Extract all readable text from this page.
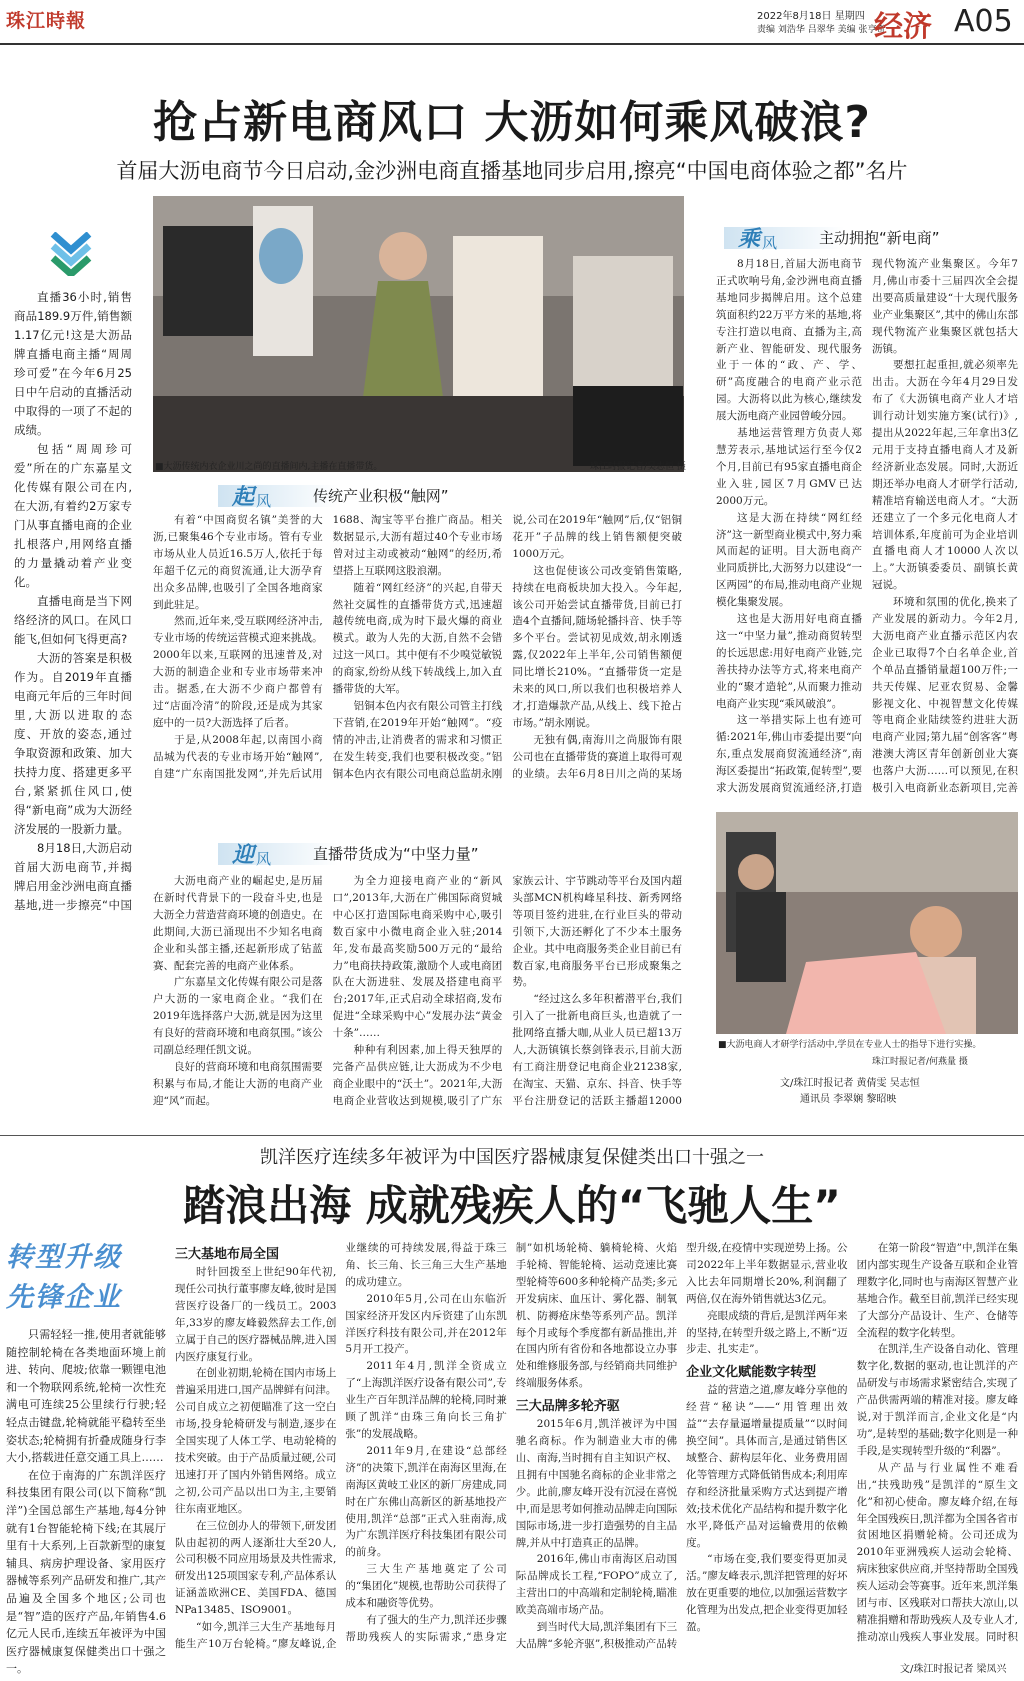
珠江時報	2022年8月18日 星期四
责编 刘浩华 吕翠华 美编 张亨奇
经济 A05
抢占新电商风口 大沥如何乘风破浪?
首届大沥电商节今日启动,金沙洲电商直播基地同步启用,擦亮“中国电商体验之都”名片

直播36小时,销售商品189.9万件,销售额1.17亿元!这是大沥品牌直播电商主播“周周珍可爱”在今年6月25日中午启动的直播活动中取得的一项了不起的成绩。

包括“周周珍可爱”所在的广东嘉星文化传媒有限公司在内,在大沥,有着约2万家专门从事直播电商的企业扎根落户,用网络直播的力量撬动着产业变化。

直播电商是当下网络经济的风口。在风口能飞,但如何飞得更高?

大沥的答案是积极作为。自2019年直播电商元年后的三年时间里,大沥以进取的态度、开放的姿态,通过争取资源和政策、加大扶持力度、搭建更多平台,紧紧抓住风口,使得“新电商”成为大沥经济发展的一股新力量。

8月18日,大沥启动首届大沥电商节,并揭牌启用金沙洲电商直播基地,进一步擦亮“中国

■大沥传统内衣企业川之尚的直播间内,主播在直播带货。	珠江时报记者/吴志恒 摄
起 风	传统产业积极“触网”

有着“中国商贸名镇”美誉的大沥,已聚集46个专业市场。管有专业市场从业人员近16.5万人,依托于每年超千亿元的商贸流通,让大沥孕育出众多品牌,也吸引了全国各地商家到此驻足。

然而,近年来,受互联网经济冲击,专业市场的传统运营模式迎来挑战。2000年以来,互联网的迅速普及,对大沥的制造企业和专业市场带来冲击。据悉,在大沥不少商户都曾有过“店面冷清”的阶段,还是成为其家庭中的一员?大沥选择了后者。

于是,从2008年起,以南国小商品城为代表的专业市场开始“触网”,自建“广东南国批发网”,并先后试用1688、淘宝等平台推广商品。相关数据显示,大沥有超过40个专业市场曾对过主动或被动“触网”的经历,希望搭上互联网这股浪潮。

随着“网红经济”的兴起,自带天然社交属性的直播带货方式,迅速超越传统电商,成为时下最火爆的商业模式。敢为人先的大沥,自然不会错过这一风口。其中便有不少嗅觉敏锐的商家,纷纷从线下转战线上,加入直播带货的大军。

铝铜本色内衣有限公司管主打线下营销,在2019年开始“触网”。“疫情的冲击,让消费者的需求和习惯正在发生转变,我们也要积极改变。”铝铜本色内衣有限公司电商总监胡永刚说,公司在2019年“触网”后,仅“铝铜花开”子品牌的线上销售额便突破1000万元。

这也促使该公司改变销售策略,持续在电商板块加大投入。今年起,该公司开始尝试直播带货,目前已打造4个直播间,随场轮播抖音、快手等多个平台。尝试初见成效,胡永刚透露,仅2022年上半年,公司销售额便同比增长210%。“直播带货一定是未来的风口,所以我们也积极培养人才,打造爆款产品,从线上、线下抢占市场。”胡永刚说。

无独有偶,南海川之尚服饰有限公司也在直播带货的赛道上取得可观的业绩。去年6月8日川之尚的某场

迎 风	直播带货成为“中坚力量”

大沥电商产业的崛起史,是历届在新时代背景下的一段奋斗史,也是大沥全力营造营商环境的创造史。在此期间,大沥已涌现出不少知名电商企业和头部主播,还起新形成了钻蓝赛、配套完善的电商产业体系。

广东嘉星文化传媒有限公司是落户大沥的一家电商企业。“我们在2019年选择落户大沥,就是因为这里有良好的营商环境和电商氛围。”该公司副总经理任凯文说。

良好的营商环境和电商氛围需要积累与布局,才能让大沥的电商产业迎“风”而起。

为全力迎接电商产业的“新风口”,2013年,大沥在广佛国际商贸城中心区打造国际电商采购中心,吸引数百家中小微电商企业入驻;2014年,发布最高奖励500万元的“最给力”电商扶持政策,激励个人或电商团队在大沥进驻、发展及搭建电商平台;2017年,正式启动全球招商,发布促进“全球采购中心”发展办法“黄金十条”……

种种有利因素,加上得天独厚的完备产品供应链,让大沥成为不少电商企业眼中的“沃土”。2021年,大沥电商企业营收达到规模,吸引了广东家族云计、宇节跳动等平台及国内超头部MCN机构峰星科技、新秀网络等项目签约进驻,在行业巨头的带动引领下,大沥还孵化了不少本土服务企业。其中电商服务类企业目前已有数百家,电商服务平台已形成聚集之势。

“经过这么多年积蓄潜平台,我们引入了一批新电商巨头,也造就了一批网络直播大咖,从业人员已超13万人,大沥镇镇长蔡剑锋表示,目前大沥有工商注册登记电商企业21238家,在淘宝、天猫、京东、抖音、快手等平台注册登记的活跃主播超12000

乘 风	主动拥抱“新电商”

8月18日,首届大沥电商节正式吹响号角,金沙洲电商直播基地同步揭牌启用。这个总建筑面积约22万平方米的基地,将专注打造以电商、直播为主,高新产业、智能研发、现代服务业于一体的“政、产、学、研”高度融合的电商产业示范园。大沥将以此为核心,继续发展大沥电商产业园曾峻分园。

基地运营管理方负责人郑慧芳表示,基地试运行至今仅2个月,目前已有95家直播电商企业入驻,园区7月GMV已达2000万元。

这是大沥在持续“网红经济”这一新型商业模式中,努力乘风而起的证明。目大沥电商产业同质拼比,大沥努力以建设“一区两园”的布局,推动电商产业规模化集聚发展。

这也是大沥用好电商直播这一“中坚力量”,推动商贸转型的长远思虑:用好电商产业链,完善扶持办法等方式,将来电商产业的“聚才造轮”,从而聚力推动电商产业实现“乘风破浪”。

这一举措实际上也有迹可循:2021年,佛山市委提出要“向东,重点发展商贸流通经济”,南海区委提出“拓政策,促转型”,要求大沥发展商贸流通经济,打造现代物流产业集聚区。今年7月,佛山市委十三届四次全会提出要高质量建设“十大现代服务业产业集聚区”,其中的佛山东部现代物流产业集聚区就包括大沥镇。

要想扛起重担,就必须率先出击。大沥在今年4月29日发布了《大沥镇电商产业人才培训行动计划实施方案(试行)》,提出从2022年起,三年拿出3亿元用于支持直播电商人才及新经济新业态发展。同时,大沥近期还举办电商人才研学行活动,精准培育输送电商人才。“大沥还建立了一个多元化电商人才培训体系,年度前可为企业培训直播电商人才10000人次以上。”大沥镇委委员、副镇长黄冠说。

环境和氛围的优化,换来了产业发展的新动力。今年2月,大沥电商产业直播示范区内农企业已取得7个白名单企业,首个单品直播销量超100万件;一共天传媒、尼亚农贸易、金馨影视文化、中视智慧文化传媒等电商企业陆续签约进驻大沥电商产业园;第九届“创客客”粤港澳大湾区青年创新创业大赛也落户大沥……可以预见,在积极引入电商新业态新项目,完善

■大沥电商人才研学行活动中,学员在专业人士的指导下进行实操。
珠江时报记者/何燕量 摄
文/珠江时报记者 黄倩雯 吴志恒
通讯员 李翠娴 黎昭映
凯洋医疗连续多年被评为中国医疗器械康复保健类出口十强之一
踏浪出海 成就残疾人的“飞驰人生”
转型升级 先锋企业

只需轻轻一推,使用者就能够随控制轮椅在各类地面环境上前进、转向、爬坡;依靠一颗锂电池和一个物联网系统,轮椅一次性充满电可连续25公里续行行驶;轻轻点击键盘,轮椅就能平稳转至坐姿状态;轮椅拥有折叠成随身行李大小,搭载进任意交通工具上……

在位于南海的广东凯洋医疗科技集团有限公司(以下简称“凯洋”)全国总部生产基地,每4分钟就有1台智能轮椅下线;在其展厅里有十大系列,上百款新型的康复辅具、病房护理设备、家用医疗器械等系列产品研发和推广,其产品遍及全国多个地区;公司也是“智”造的医疗产品,年销售4.6亿元人民币,连续五年被评为中国医疗器械康复保健类出口十强之一。

三大基地布局全国

时针回拨至上世纪90年代初,现任公司执行董事廖友峰,彼时是国营医疗设备厂的一线员工。2003年,33岁的廖友峰毅然辞去工作,创立属于自己的医疗器械品牌,进入国内医疗康复行业。

在创业初期,轮椅在国内市场上普遍采用进口,国产品牌鲜有问津。公司自成立之初便瞄准了这一空白市场,投身轮椅研发与制造,逐步在全国实现了人体工学、电动轮椅的技术突破。由于产品质量过硬,公司迅速打开了国内外销售网络。成立之初,公司产品以出口为主,主要销往东南亚地区。

在三位创办人的带领下,研发团队由起初的两人逐渐壮大至20人,公司积极不同应用场景及共性需求,研发出125项国家专利,产品体系认证涵盖欧洲CE、美国FDA、德国NPa13485、ISO9001。

“如今,凯洋三大生产基地每月能生产10万台轮椅。”廖友峰说,企业继续的可持续发展,得益于珠三角、长三角、长三角三大生产基地的成功建立。

2010年5月,公司在山东临沂国家经济开发区内斥资建了山东凯洋医疗科技有限公司,并在2012年5月开工投产。

2011年4月,凯洋全资成立了“上海凯洋医疗设备有限公司”,专业生产百年凯洋品牌的轮椅,同时兼顾了凯洋“由珠三角向长三角扩张”的发展战略。

2011年9月,在建设“总部经济”的决策下,凯洋在南海区里海,在南海区黄岐工业区的新厂房建成,同时在广东佛山高新区的新基地投产使用,凯洋“总部”正式入驻南海,成为广东凯洋医疗科技集团有限公司的前身。

三大生产基地奠定了公司的“集团化”规模,也帮助公司获得了成本和融资等优势。

有了强大的生产力,凯洋还步骤帮助残疾人的实际需求,“患身定制”如机场轮椅、躺椅轮椅、火焰手轮椅、智能轮椅、运动竞速比赛型轮椅等600多种轮椅产品类;多元开发病床、血压计、雾化器、制氧机、防褥疮床垫等系列产品。凯洋每个月或每个季度都有新品推出,并在国内所有省份和各地都设立办事处和维修服务部,与经销商共同维护终端服务体系。

三大品牌多轮齐驱

2015年6月,凯洋被评为中国驰名商标。作为制造业大市的佛山、南海,当时拥有自主知识产权、且拥有中国驰名商标的企业非常之少。此前,廖友峰开没有沉浸在喜悦中,而是思考如何推动品牌走向国际国际市场,进一步打造强势的自主品牌,并从中打造真正的品牌。

2016年,佛山市南海区启动国际品牌成长工程,“FOPO”成立了,主营出口的中高端和定制轮椅,瞄准欧美高端市场产品。

到当时代大局,凯洋集团有下三大品牌“多轮齐驱”,积极推动产品转型升级,在疫情中实现逆势上扬。公司2022年上半年数据显示,营业收入比去年同期增长20%,利润翻了两倍,仅在海外销售就达3亿元。

亮眼成绩的背后,是凯洋两年来的坚持,在转型升级之路上,不断“迈步走、扎实走”。

企业文化赋能数字转型

益的营造之道,廖友峰分享他的经营“秘诀”——“用管理出效益”“去存量逼增量提质量”“以时间换空间”。具体而言,是通过销售区域整合、薪构层年化、业务费用固化等管理方式降低销售成本;利用库存和经济批量采购方式达到提产增效;技术优化产品结构和提升数字化水平,降低产品对运输费用的依赖度。

“市场在变,我们要变得更加灵活。”廖友峰表示,凯洋把管理的好坏放在更重要的地位,以加强运营数字化管理为出发点,把企业变得更加轻盈。

在第一阶段“智造”中,凯洋在集团内部实现生产设备互联和企业管理数字化,同时也与南海区智慧产业基地合作。截至目前,凯洋已经实现了大部分产品设计、生产、仓储等全流程的数字化转型。

在凯洋,生产设备自动化、管理数字化,数据的驱动,也让凯洋的产品研发与市场需求紧密结合,实现了产品供需两端的精准对接。廖友峰说,对于凯洋而言,企业文化是“内功”,是转型的基础;数字化则是一种手段,是实现转型升级的“利器”。

从产品与行业属性不难看出,“扶残助残”是凯洋的“原生文化”和初心使命。廖友峰介绍,在每年全国残疾日,凯洋都为全国各省市贫困地区捐赠轮椅。公司还成为2010年亚洲残疾人运动会轮椅、病床独家供应商,并坚持帮助全国残疾人运动会等赛事。近年来,凯洋集团与市、区残联对口帮扶大凉山,以精准捐赠和帮助残疾人及专业人才,推动凉山残疾人事业发展。同时积

文/珠江时报记者 梁凤兴
